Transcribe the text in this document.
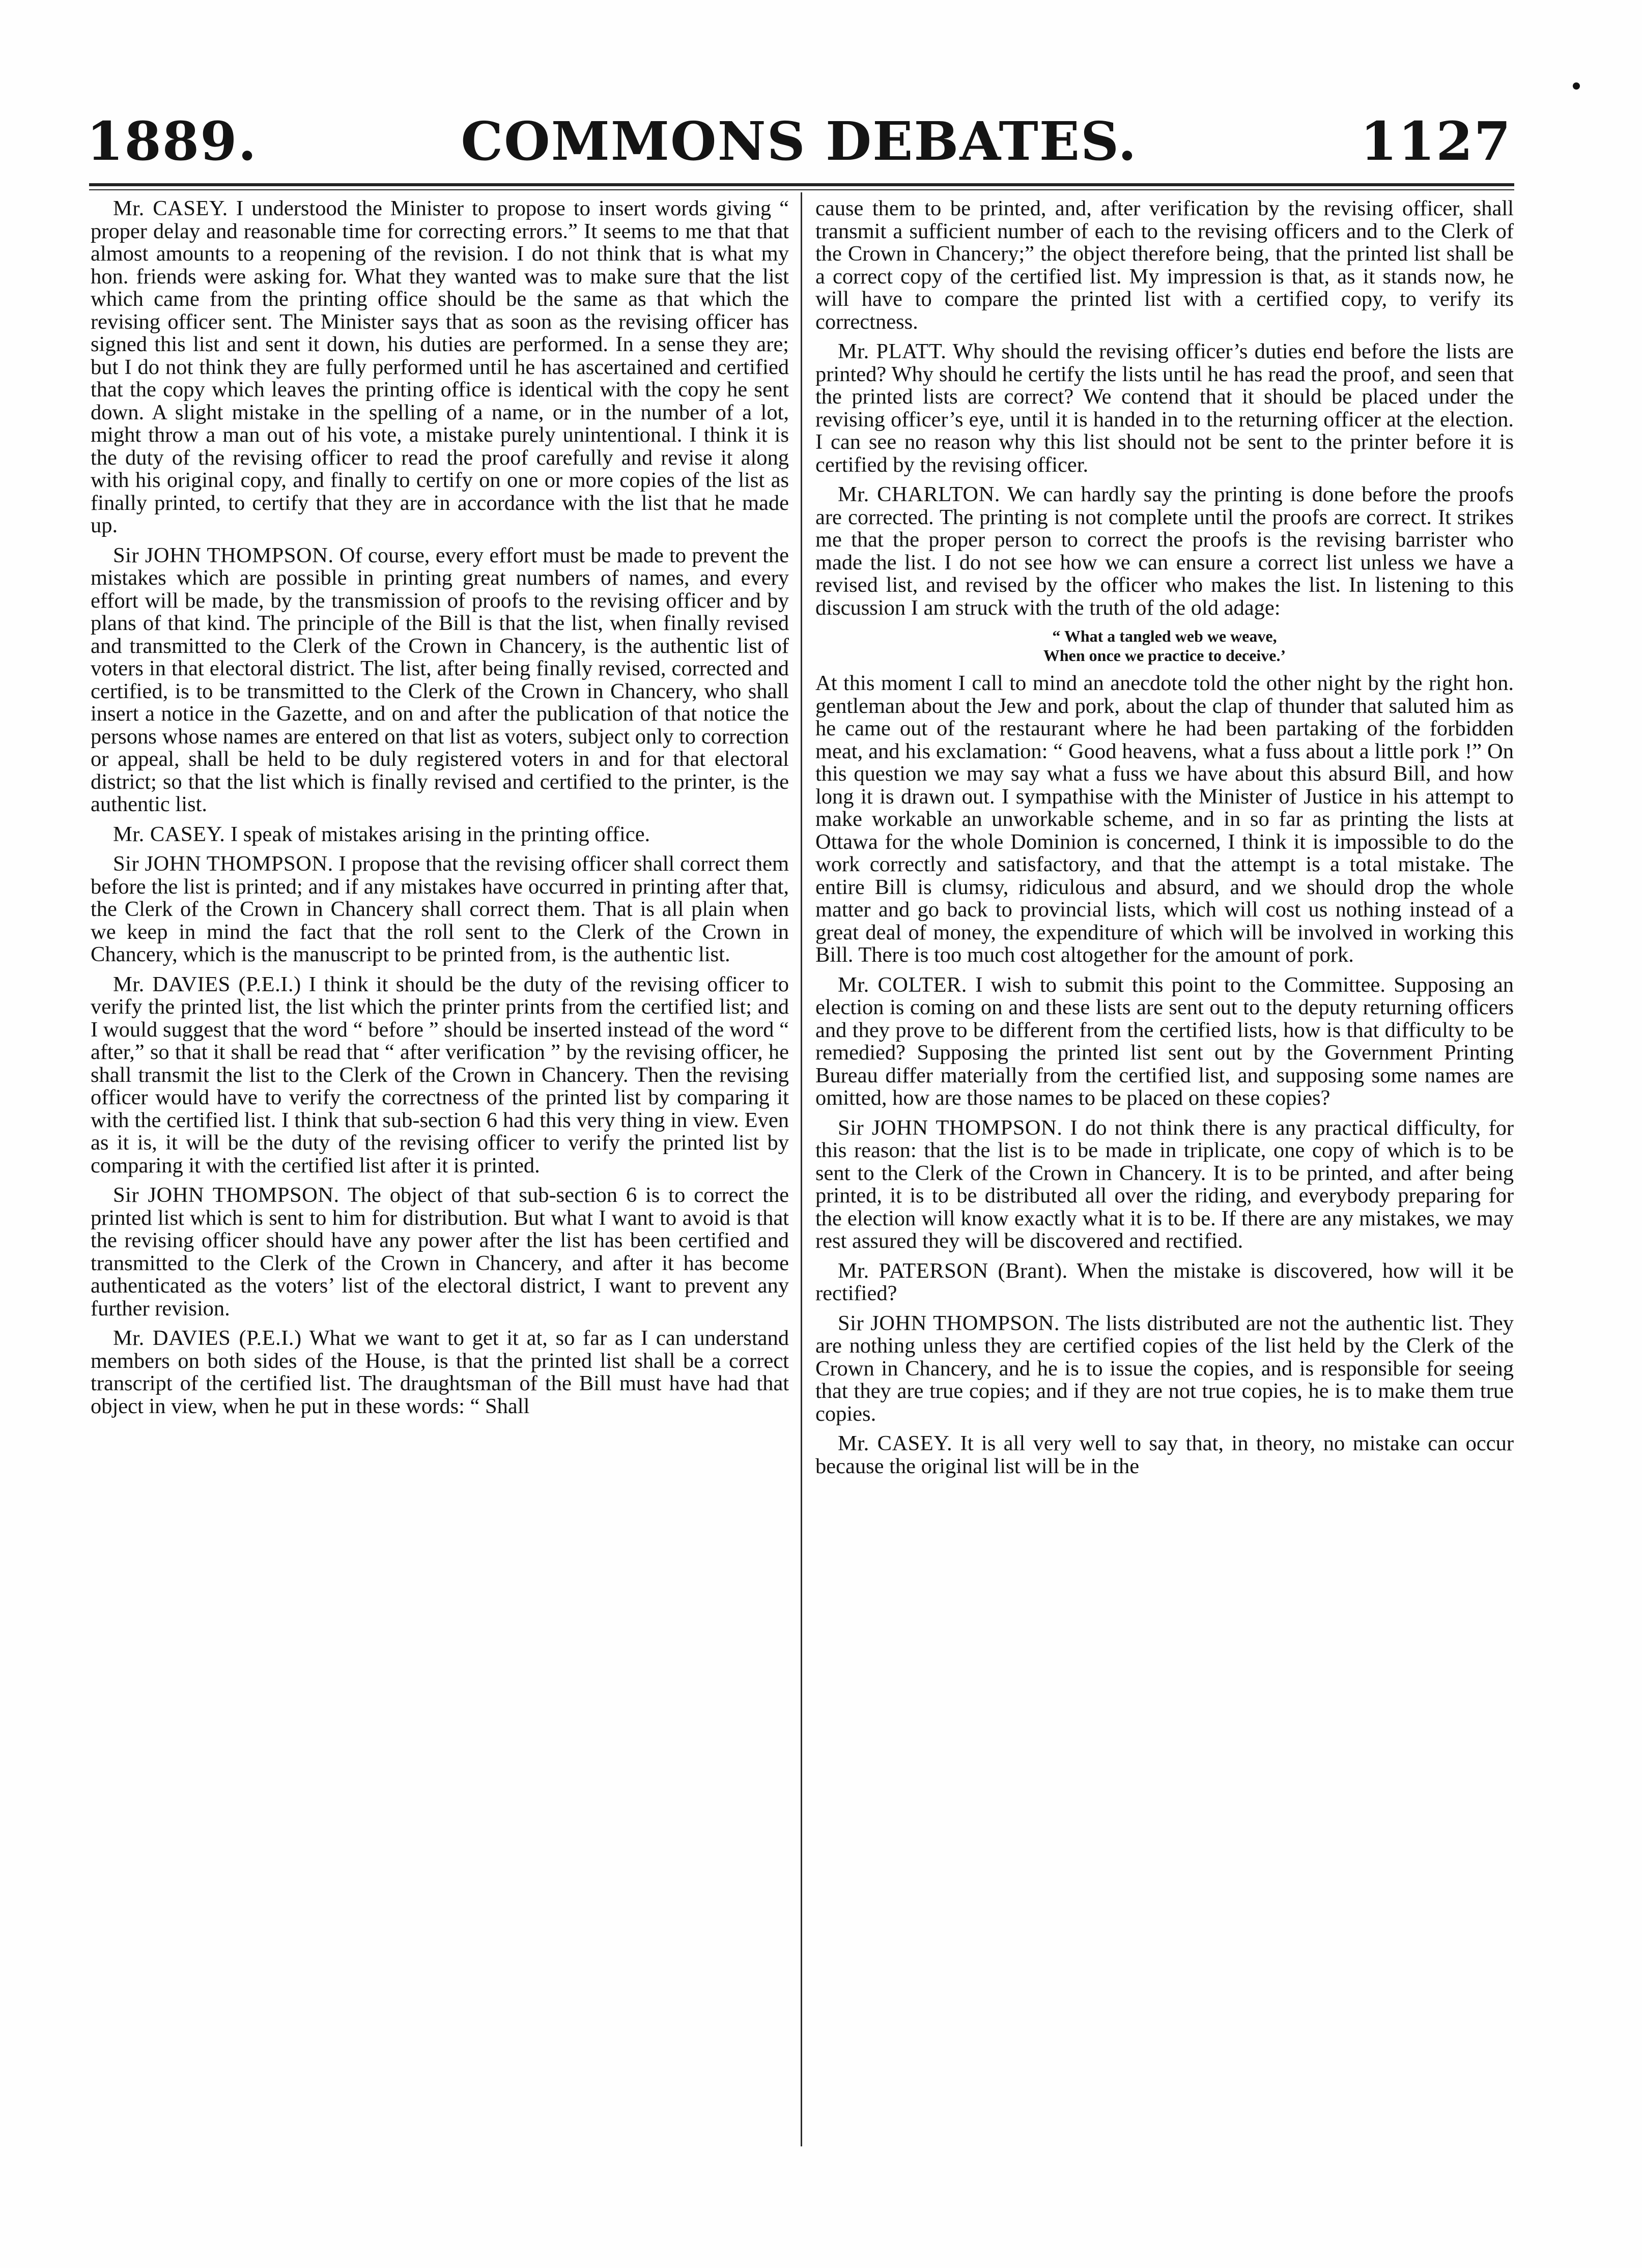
1889.	COMMONS DEBATES.	1127

Mr. CASEY. I understood the Minister to propose to insert words giving “ proper delay and reasonable time for correcting errors.” It seems to me that that almost amounts to a reopening of the revision. I do not think that is what my hon. friends were asking for. What they wanted was to make sure that the list which came from the printing office should be the same as that which the revising officer sent. The Minister says that as soon as the revising officer has signed this list and sent it down, his duties are performed. In a sense they are; but I do not think they are fully performed until he has ascertained and certified that the copy which leaves the printing office is identical with the copy he sent down. A slight mistake in the spelling of a name, or in the number of a lot, might throw a man out of his vote, a mistake purely unintentional. I think it is the duty of the revising officer to read the proof carefully and revise it along with his original copy, and finally to certify on one or more copies of the list as finally printed, to certify that they are in accordance with the list that he made up.

Sir JOHN THOMPSON. Of course, every effort must be made to prevent the mistakes which are possible in printing great numbers of names, and every effort will be made, by the transmission of proofs to the revising officer and by plans of that kind. The principle of the Bill is that the list, when finally revised and transmitted to the Clerk of the Crown in Chancery, is the authentic list of voters in that electoral district. The list, after being finally revised, corrected and certified, is to be transmitted to the Clerk of the Crown in Chancery, who shall insert a notice in the Gazette, and on and after the publication of that notice the persons whose names are entered on that list as voters, subject only to correction or appeal, shall be held to be duly registered voters in and for that electoral district; so that the list which is finally revised and certified to the printer, is the authentic list.

Mr. CASEY. I speak of mistakes arising in the printing office.

Sir JOHN THOMPSON. I propose that the revising officer shall correct them before the list is printed; and if any mistakes have occurred in printing after that, the Clerk of the Crown in Chancery shall correct them. That is all plain when we keep in mind the fact that the roll sent to the Clerk of the Crown in Chancery, which is the manuscript to be printed from, is the authentic list.

Mr. DAVIES (P.E.I.) I think it should be the duty of the revising officer to verify the printed list, the list which the printer prints from the certified list; and I would suggest that the word “ before ” should be inserted instead of the word “ after,” so that it shall be read that “ after verification ” by the revising officer, he shall transmit the list to the Clerk of the Crown in Chancery. Then the revising officer would have to verify the correctness of the printed list by comparing it with the certified list. I think that sub-section 6 had this very thing in view. Even as it is, it will be the duty of the revising officer to verify the printed list by comparing it with the certified list after it is printed.

Sir JOHN THOMPSON. The object of that sub-section 6 is to correct the printed list which is sent to him for distribution. But what I want to avoid is that the revising officer should have any power after the list has been certified and transmitted to the Clerk of the Crown in Chancery, and after it has become authenticated as the voters’ list of the electoral district, I want to prevent any further revision.

Mr. DAVIES (P.E.I.) What we want to get it at, so far as I can understand members on both sides of the House, is that the printed list shall be a correct transcript of the certified list. The draughtsman of the Bill must have had that object in view, when he put in these words: “ Shall

cause them to be printed, and, after verification by the revising officer, shall transmit a sufficient number of each to the revising officers and to the Clerk of the Crown in Chancery;” the object therefore being, that the printed list shall be a correct copy of the certified list. My impression is that, as it stands now, he will have to compare the printed list with a certified copy, to verify its correctness.

Mr. PLATT. Why should the revising officer’s duties end before the lists are printed? Why should he certify the lists until he has read the proof, and seen that the printed lists are correct? We contend that it should be placed under the revising officer’s eye, until it is handed in to the returning officer at the election. I can see no reason why this list should not be sent to the printer before it is certified by the revising officer.

Mr. CHARLTON. We can hardly say the printing is done before the proofs are corrected. The printing is not complete until the proofs are correct. It strikes me that the proper person to correct the proofs is the revising barrister who made the list. I do not see how we can ensure a correct list unless we have a revised list, and revised by the officer who makes the list. In listening to this discussion I am struck with the truth of the old adage:

“ What a tangled web we weave,
When once we practice to deceive.’

At this moment I call to mind an anecdote told the other night by the right hon. gentleman about the Jew and pork, about the clap of thunder that saluted him as he came out of the restaurant where he had been partaking of the forbidden meat, and his exclamation: “ Good heavens, what a fuss about a little pork !” On this question we may say what a fuss we have about this absurd Bill, and how long it is drawn out. I sympathise with the Minister of Justice in his attempt to make workable an unworkable scheme, and in so far as printing the lists at Ottawa for the whole Dominion is concerned, I think it is impossible to do the work correctly and satisfactory, and that the attempt is a total mistake. The entire Bill is clumsy, ridiculous and absurd, and we should drop the whole matter and go back to provincial lists, which will cost us nothing instead of a great deal of money, the expenditure of which will be involved in working this Bill. There is too much cost altogether for the amount of pork.

Mr. COLTER. I wish to submit this point to the Committee. Supposing an election is coming on and these lists are sent out to the deputy returning officers and they prove to be different from the certified lists, how is that difficulty to be remedied? Supposing the printed list sent out by the Government Printing Bureau differ materially from the certified list, and supposing some names are omitted, how are those names to be placed on these copies?

Sir JOHN THOMPSON. I do not think there is any practical difficulty, for this reason: that the list is to be made in triplicate, one copy of which is to be sent to the Clerk of the Crown in Chancery. It is to be printed, and after being printed, it is to be distributed all over the riding, and everybody preparing for the election will know exactly what it is to be. If there are any mistakes, we may rest assured they will be discovered and rectified.

Mr. PATERSON (Brant). When the mistake is discovered, how will it be rectified?

Sir JOHN THOMPSON. The lists distributed are not the authentic list. They are nothing unless they are certified copies of the list held by the Clerk of the Crown in Chancery, and he is to issue the copies, and is responsible for seeing that they are true copies; and if they are not true copies, he is to make them true copies.

Mr. CASEY. It is all very well to say that, in theory, no mistake can occur because the original list will be in the
